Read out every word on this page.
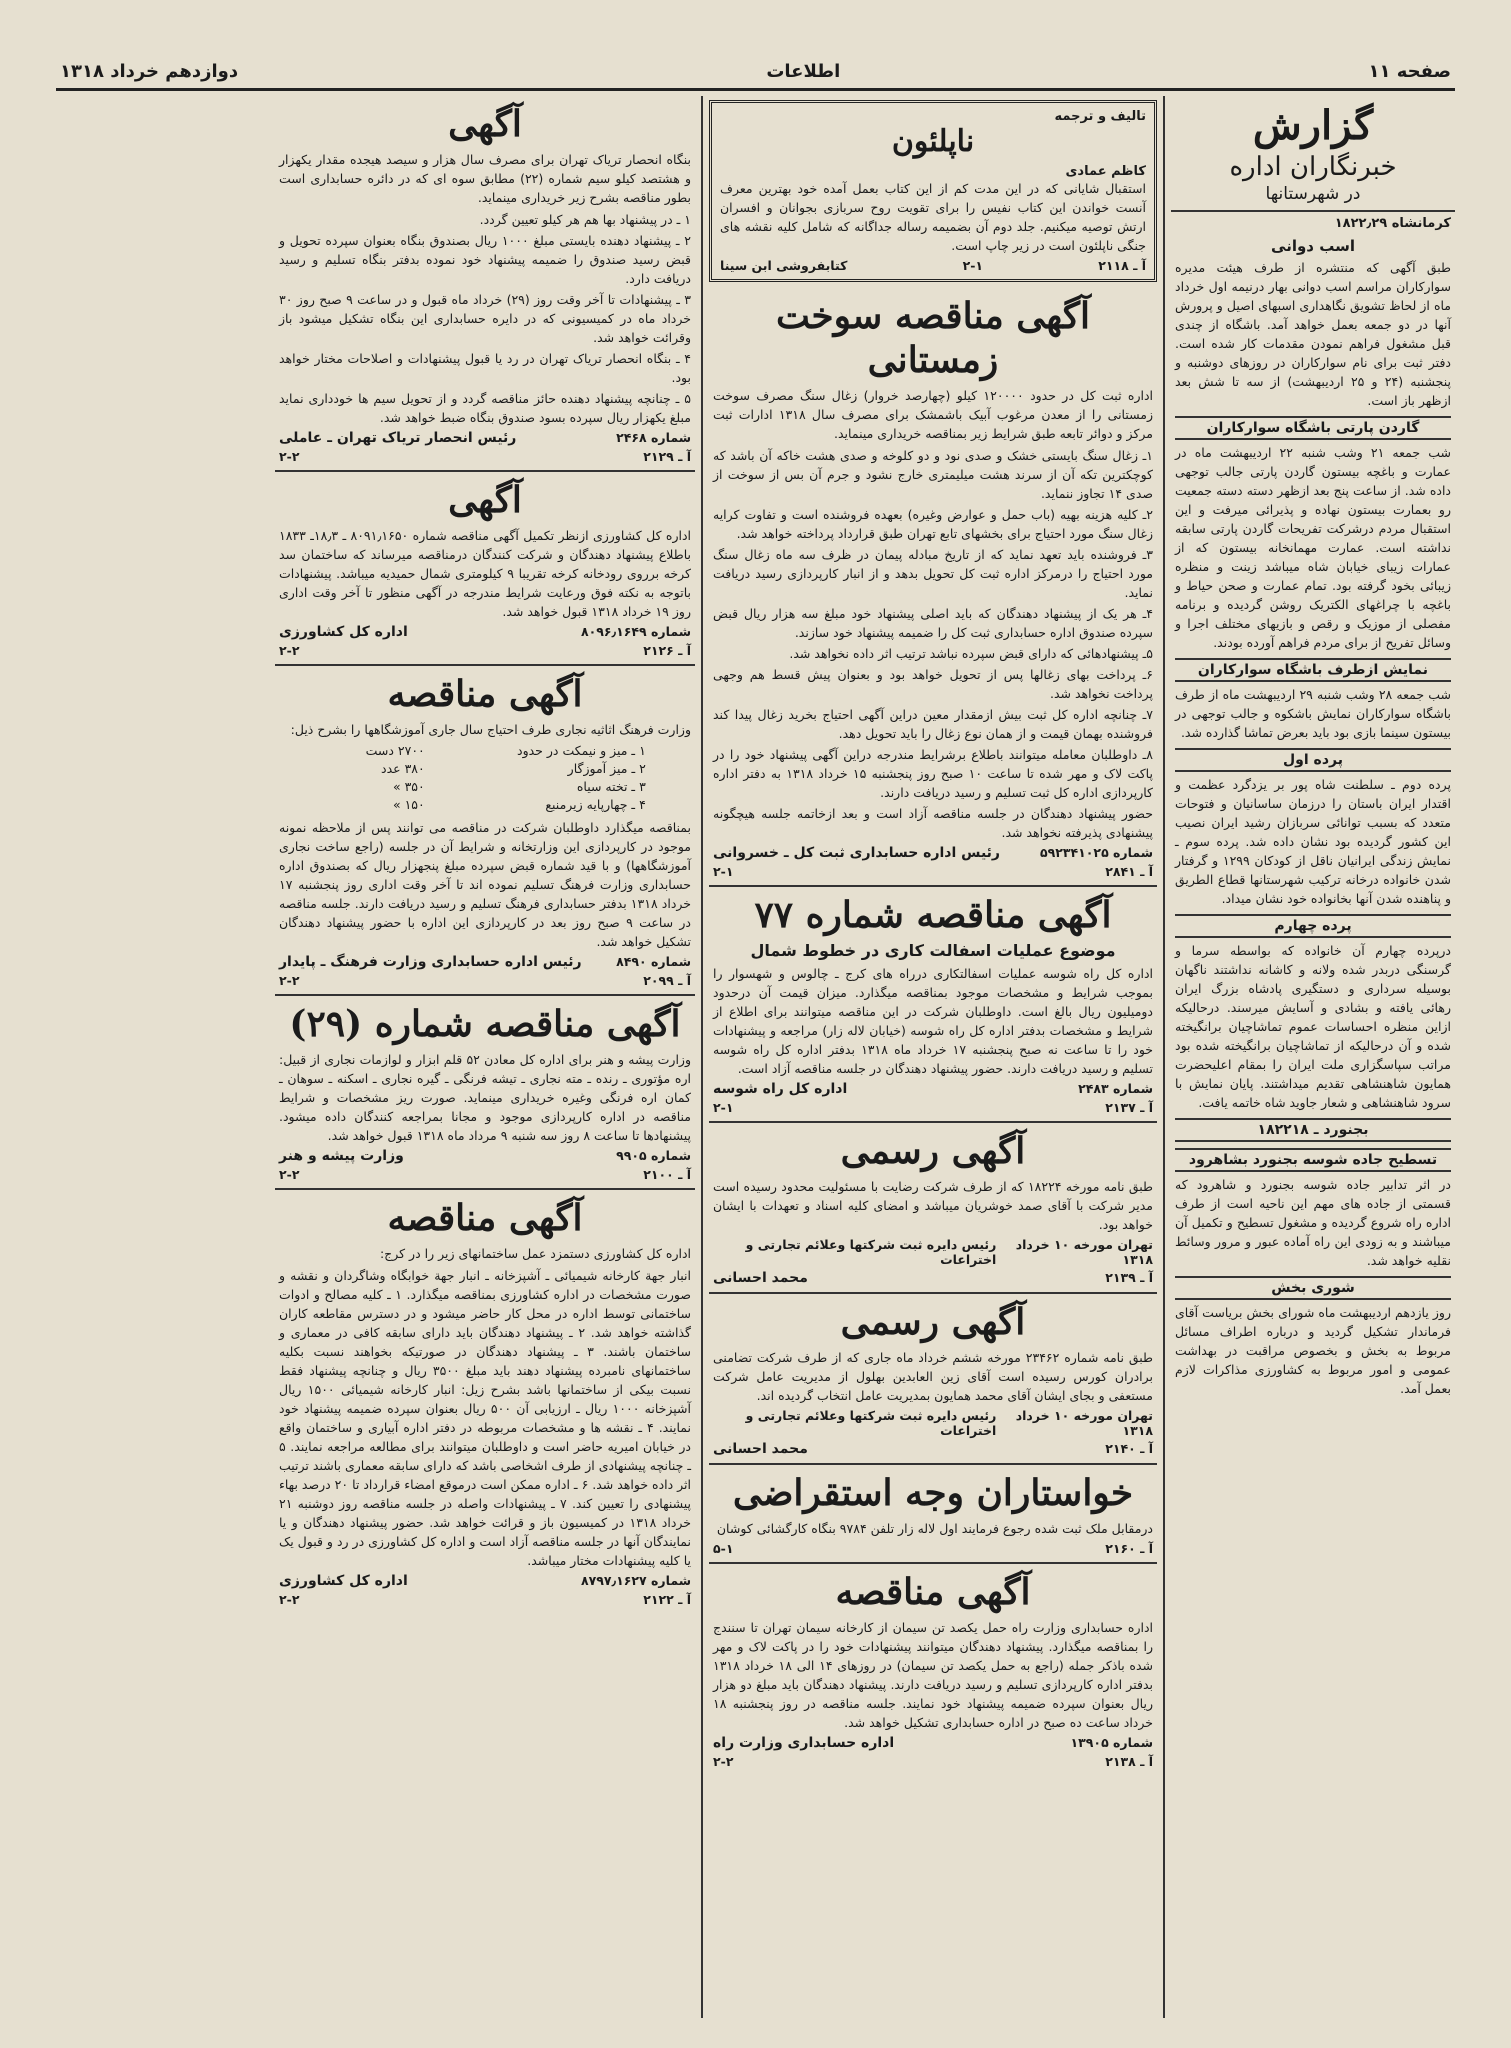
صفحه ۱۱
اطلاعات
دوازدهم خرداد ۱۳۱۸
گزارش
خبرنگاران اداره
در شهرستانها
کرمانشاه ۱۸۲۲٫۲۹
اسب دوانی

طبق آگهی که منتشره از طرف هیئت مدیره سوارکاران مراسم اسب دوانی بهار درنیمه اول خرداد ماه از لحاظ تشویق نگاهداری اسبهای اصیل و پرورش آنها در دو جمعه بعمل خواهد آمد. باشگاه از چندی قبل مشغول فراهم نمودن مقدمات کار شده است. دفتر ثبت برای نام سوارکاران در روزهای دوشنبه و پنجشنبه (۲۴ و ۲۵ اردیبهشت) از سه تا شش بعد ازظهر باز است.

گاردن پارتی باشگاه سوارکاران

شب جمعه ۲۱ وشب شنبه ۲۲ اردیبهشت ماه در عمارت و باغچه بیستون گاردن پارتی جالب توجهی داده شد. از ساعت پنج بعد ازظهر دسته دسته جمعیت رو بعمارت بیستون نهاده و پذیرائی میرفت و این استقبال مردم درشرکت تفریحات گاردن پارتی سابقه نداشته است. عمارت مهمانخانه بیستون که از عمارات زیبای خیابان شاه میباشد زینت و منظره زیبائی بخود گرفته بود. تمام عمارت و صحن حیاط و باغچه با چراغهای الکتریک روشن گردیده و برنامه مفصلی از موزیک و رقص و بازیهای مختلف اجرا و وسائل تفریح از برای مردم فراهم آورده بودند.

نمایش ازطرف باشگاه سوارکاران

شب جمعه ۲۸ وشب شنبه ۲۹ اردیبهشت ماه از طرف باشگاه سوارکاران نمایش باشکوه و جالب توجهی در بیستون سینما بازی بود باید بعرض تماشا گذارده شد.

پرده اول

پرده دوم ـ سلطنت شاه پور بر یزدگرد عظمت و اقتدار ایران باستان را درزمان ساسانیان و فتوحات متعدد که بسبب توانائی سربازان رشید ایران نصیب این کشور گردیده بود نشان داده شد. پرده سوم ـ نمایش زندگی ایرانیان ناقل از کودکان ۱۲۹۹ و گرفتار شدن خانواده درخانه ترکیب شهرستانها قطاع الطریق و پناهنده شدن آنها بخانواده خود نشان میداد.

پرده چهارم

درپرده چهارم آن خانواده که بواسطه سرما و گرسنگی دربدر شده ولانه و کاشانه نداشتند ناگهان بوسیله سرداری و دستگیری پادشاه بزرگ ایران رهائی یافته و بشادی و آسایش میرسند. درحالیکه ازاین منظره احساسات عموم تماشاچیان برانگیخته شده و آن درحالیکه از تماشاچیان برانگیخته شده بود مراتب سپاسگزاری ملت ایران را بمقام اعلیحضرت همایون شاهنشاهی تقدیم میداشتند. پایان نمایش با سرود شاهنشاهی و شعار جاوید شاه خاتمه یافت.

بجنورد ـ ۱۸۲۲۱۸
تسطیح جاده شوسه بجنورد بشاهرود

در اثر تدابیر جاده شوسه بجنورد و شاهرود که قسمتی از جاده های مهم این ناحیه است از طرف اداره راه شروع گردیده و مشغول تسطیح و تکمیل آن میباشند و به زودی این راه آماده عبور و مرور وسائط نقلیه خواهد شد.

شوری بخش

روز یازدهم اردیبهشت ماه شورای بخش بریاست آقای فرماندار تشکیل گردید و درباره اطراف مسائل مربوط به بخش و بخصوص مراقبت در بهداشت عمومی و امور مربوط به کشاورزی مذاکرات لازم بعمل آمد.

تالیف و ترجمه
ناپلئون
کاظم عمادی

استقبال شایانی که در این مدت کم از این کتاب بعمل آمده خود بهترین معرف آنست خواندن این کتاب نفیس را برای تقویت روح سربازی بجوانان و افسران ارتش توصیه میکنیم. جلد دوم آن بضمیمه رساله جداگانه که شامل کلیه نقشه های جنگی ناپلئون است در زیر چاپ است.

آ ـ ۲۱۱۸
۲-۱
کتابفروشی ابن سینا
آگهی مناقصه سوخت زمستانی

اداره ثبت کل در حدود ۱۲۰۰۰۰ کیلو (چهارصد خروار) زغال سنگ مصرف سوخت زمستانی را از معدن مرغوب آبیک باشمشک برای مصرف سال ۱۳۱۸ ادارات ثبت مرکز و دوائر تابعه طبق شرایط زیر بمناقصه خریداری مینماید.

۱ـ زغال سنگ بایستی خشک و صدی نود و دو کلوخه و صدی هشت خاکه آن باشد که کوچکترین تکه آن از سرند هشت میلیمتری خارج نشود و جرم آن بس از سوخت از صدی ۱۴ تجاوز ننماید.
۲ـ کلیه هزینه بهیه (باب حمل و عوارض وغیره) بعهده فروشنده است و تفاوت کرایه زغال سنگ مورد احتیاج برای بخشهای تابع تهران طبق قرارداد پرداخته خواهد شد.
۳ـ فروشنده باید تعهد نماید که از تاریخ مبادله پیمان در ظرف سه ماه زغال سنگ مورد احتیاج را درمرکز اداره ثبت کل تحویل بدهد و از انبار کارپردازی رسید دریافت نماید.
۴ـ هر یک از پیشنهاد دهندگان که باید اصلی پیشنهاد خود مبلغ سه هزار ریال قبض سپرده صندوق اداره حسابداری ثبت کل را ضمیمه پیشنهاد خود سازند.
۵ـ پیشنهادهائی که دارای قبض سپرده نباشد ترتیب اثر داده نخواهد شد.
۶ـ پرداخت بهای زغالها پس از تحویل خواهد بود و بعنوان پیش قسط هم وجهی پرداخت نخواهد شد.
۷ـ چنانچه اداره کل ثبت بیش ازمقدار معین دراین آگهی احتیاج بخرید زغال پیدا کند فروشنده بهمان قیمت و از همان نوع زغال را باید تحویل دهد.
۸ـ داوطلبان معامله میتوانند باطلاع برشرایط مندرجه دراین آگهی پیشنهاد خود را در پاکت لاک و مهر شده تا ساعت ۱۰ صبح روز پنجشنبه ۱۵ خرداد ۱۳۱۸ به دفتر اداره کارپردازی اداره کل ثبت تسلیم و رسید دریافت دارند.

حضور پیشنهاد دهندگان در جلسه مناقصه آزاد است و بعد ازخاتمه جلسه هیچگونه پیشنهادی پذیرفته نخواهد شد.

شماره ۵۹۲۳۴۱۰۲۵
رئیس اداره حسابداری ثبت کل ـ خسروانی
آ ـ ۲۸۴۱
۲-۱
آگهی مناقصه شماره ۷۷
موضوع عملیات اسفالت کاری در خطوط شمال

اداره کل راه شوسه عملیات اسفالتکاری درراه های کرج ـ چالوس و شهسوار را بموجب شرایط و مشخصات موجود بمناقصه میگذارد. میزان قیمت آن درحدود دومیلیون ریال بالغ است. داوطلبان شرکت در این مناقصه میتوانند برای اطلاع از شرایط و مشخصات بدفتر اداره کل راه شوسه (خیابان لاله زار) مراجعه و پیشنهادات خود را تا ساعت نه صبح پنجشنبه ۱۷ خرداد ماه ۱۳۱۸ بدفتر اداره کل راه شوسه تسلیم و رسید دریافت دارند. حضور پیشنهاد دهندگان در جلسه مناقصه آزاد است.

شماره ۲۴۸۳
اداره کل راه شوسه
آ ـ ۲۱۳۷
۲-۱
آگهی رسمی

طبق نامه مورخه ۱۸۲۲۴ که از طرف شرکت رضایت با مسئولیت محدود رسیده است مدیر شرکت با آقای صمد خوشریان میباشد و امضای کلیه اسناد و تعهدات با ایشان خواهد بود.

تهران مورخه ۱۰ خرداد ۱۳۱۸
رئیس دایره ثبت شرکتها وعلائم تجارتی و اختراعات
آ ـ ۲۱۳۹
محمد احسانی
آگهی رسمی

طبق نامه شماره ۲۳۴۶۲ مورخه ششم خرداد ماه جاری که از طرف شرکت تضامنی برادران کورس رسیده است آقای زین العابدین بهلول از مدیریت عامل شرکت مستعفی و بجای ایشان آقای محمد همایون بمدیریت عامل انتخاب گردیده اند.

تهران مورخه ۱۰ خرداد ۱۳۱۸
رئیس دایره ثبت شرکتها وعلائم تجارتی و اختراعات
آ ـ ۲۱۴۰
محمد احسانی
خواستاران وجه استقراضی

درمقابل ملک ثبت شده رجوع فرمایند اول لاله زار تلفن ۹۷۸۴ بنگاه کارگشائی کوشان

آ ـ ۲۱۶۰
۵-۱
آگهی مناقصه

اداره حسابداری وزارت راه حمل یکصد تن سیمان از کارخانه سیمان تهران تا سنندج را بمناقصه میگذارد. پیشنهاد دهندگان میتوانند پیشنهادات خود را در پاکت لاک و مهر شده باذکر جمله (راجع به حمل یکصد تن سیمان) در روزهای ۱۴ الی ۱۸ خرداد ۱۳۱۸ بدفتر اداره کارپردازی تسلیم و رسید دریافت دارند. پیشنهاد دهندگان باید مبلغ دو هزار ریال بعنوان سپرده ضمیمه پیشنهاد خود نمایند. جلسه مناقصه در روز پنجشنبه ۱۸ خرداد ساعت ده صبح در اداره حسابداری تشکیل خواهد شد.

شماره ۱۳۹۰۵
اداره حسابداری وزارت راه
آ ـ ۲۱۳۸
۲-۲
آگهی

بنگاه انحصار تریاک تهران برای مصرف سال هزار و سیصد هیجده مقدار یکهزار و هشتصد کیلو سیم شماره (۲۲) مطابق سوه ای که در دائره حسابداری است بطور مناقصه بشرح زیر خریداری مینماید.

۱ ـ در پیشنهاد بها هم هر کیلو تعیین گردد.
۲ ـ پیشنهاد دهنده بایستی مبلغ ۱۰۰۰ ریال بصندوق بنگاه بعنوان سپرده تحویل و قبض رسید صندوق را ضمیمه پیشنهاد خود نموده بدفتر بنگاه تسلیم و رسید دریافت دارد.
۳ ـ پیشنهادات تا آخر وقت روز (۲۹) خرداد ماه قبول و در ساعت ۹ صبح روز ۳۰ خرداد ماه در کمیسیونی که در دایره حسابداری این بنگاه تشکیل میشود باز وقرائت خواهد شد.
۴ ـ بنگاه انحصار تریاک تهران در رد یا قبول پیشنهادات و اصلاحات مختار خواهد بود.
۵ ـ چنانچه پیشنهاد دهنده حائز مناقصه گردد و از تحویل سیم ها خودداری نماید مبلغ یکهزار ریال سپرده بسود صندوق بنگاه ضبط خواهد شد.
شماره ۲۴۶۸
رئیس انحصار تریاک تهران ـ عاملی
آ ـ ۲۱۲۹
۲-۲
آگهی

اداره کل کشاورزی ازنظر تکمیل آگهی مناقصه شماره ۸۰۹۱٫۱۶۵۰ ـ ۱۸٫۳ـ ۱۸۳۳ باطلاع پیشنهاد دهندگان و شرکت کنندگان درمناقصه میرساند که ساختمان سد کرخه برروی رودخانه کرخه تقریبا ۹ کیلومتری شمال حمیدیه میباشد. پیشنهادات باتوجه به نکته فوق ورعایت شرایط مندرجه در آگهی منظور تا آخر وقت اداری روز ۱۹ خرداد ۱۳۱۸ قبول خواهد شد.

شماره ۸۰۹۶٫۱۶۴۹
اداره کل کشاورزی
آ ـ ۲۱۲۶
۲-۲
آگهی مناقصه

وزارت فرهنگ اثاثیه نجاری طرف احتیاج سال جاری آموزشگاهها را بشرح ذیل:

۱ ـ میز و نیمکت در حدود	۲۷۰۰ دست
۲ ـ میز آموزگار	۳۸۰ عدد
۳ ـ تخته سیاه	۳۵۰ »
۴ ـ چهارپایه زیرمنبع	۱۵۰ »

بمناقصه میگذارد داوطلبان شرکت در مناقصه می توانند پس از ملاحظه نمونه موجود در کارپردازی این وزارتخانه و شرایط آن در جلسه (راجع ساخت نجاری آموزشگاهها) و با قید شماره قبض سپرده مبلغ پنجهزار ریال که بصندوق اداره حسابداری وزارت فرهنگ تسلیم نموده اند تا آخر وقت اداری روز پنجشنبه ۱۷ خرداد ۱۳۱۸ بدفتر حسابداری فرهنگ تسلیم و رسید دریافت دارند. جلسه مناقصه در ساعت ۹ صبح روز بعد در کارپردازی این اداره با حضور پیشنهاد دهندگان تشکیل خواهد شد.

شماره ۸۴۹۰
رئیس اداره حسابداری وزارت فرهنگ ـ پایدار
آ ـ ۲۰۹۹
۲-۲
آگهی مناقصه شماره (۲۹)

وزارت پیشه و هنر برای اداره کل معادن ۵۲ قلم ابزار و لوازمات نجاری از قبیل: اره مؤتوری ـ رنده ـ مته نجاری ـ تیشه فرنگی ـ گیره نجاری ـ اسکنه ـ سوهان ـ کمان اره فرنگی وغیره خریداری مینماید. صورت ریز مشخصات و شرایط مناقصه در اداره کارپردازی موجود و مجانا بمراجعه کنندگان داده میشود. پیشنهادها تا ساعت ۸ روز سه شنبه ۹ مرداد ماه ۱۳۱۸ قبول خواهد شد.

شماره ۹۹۰۵
وزارت پیشه و هنر
آ ـ ۲۱۰۰
۲-۲
آگهی مناقصه

اداره کل کشاورزی دستمزد عمل ساختمانهای زیر را در کرج:

انبار جهة کارخانه شیمیائی ـ آشپزخانه ـ انبار جهة خوابگاه وشاگردان و نقشه و صورت مشخصات در اداره کشاورزی بمناقصه میگذارد. ۱ ـ کلیه مصالح و ادوات ساختمانی توسط اداره در محل کار حاضر میشود و در دسترس مقاطعه کاران گذاشته خواهد شد. ۲ ـ پیشنهاد دهندگان باید دارای سابقه کافی در معماری و ساختمان باشند. ۳ ـ پیشنهاد دهندگان در صورتیکه بخواهند نسبت بکلیه ساختمانهای نامبرده پیشنهاد دهند باید مبلغ ۳۵۰۰ ریال و چنانچه پیشنهاد فقط نسبت بیکی از ساختمانها باشد بشرح زیل: انبار کارخانه شیمیائی ۱۵۰۰ ریال آشپزخانه ۱۰۰۰ ریال ـ ارزیابی آن ۵۰۰ ریال بعنوان سپرده ضمیمه پیشنهاد خود نمایند. ۴ ـ نقشه ها و مشخصات مربوطه در دفتر اداره آبیاری و ساختمان واقع در خیابان امیریه حاضر است و داوطلبان میتوانند برای مطالعه مراجعه نمایند. ۵ ـ چنانچه پیشنهادی از طرف اشخاصی باشد که دارای سابقه معماری باشند ترتیب اثر داده خواهد شد. ۶ ـ اداره ممکن است درموقع امضاء قرارداد تا ۲۰ درصد بهاء پیشنهادی را تعیین کند. ۷ ـ پیشنهادات واصله در جلسه مناقصه روز دوشنبه ۲۱ خرداد ۱۳۱۸ در کمیسیون باز و قرائت خواهد شد. حضور پیشنهاد دهندگان و یا نمایندگان آنها در جلسه مناقصه آزاد است و اداره کل کشاورزی در رد و قبول یک یا کلیه پیشنهادات مختار میباشد.

شماره ۸۷۹۷٫۱۶۲۷
اداره کل کشاورزی
آ ـ ۲۱۲۲
۲-۲
